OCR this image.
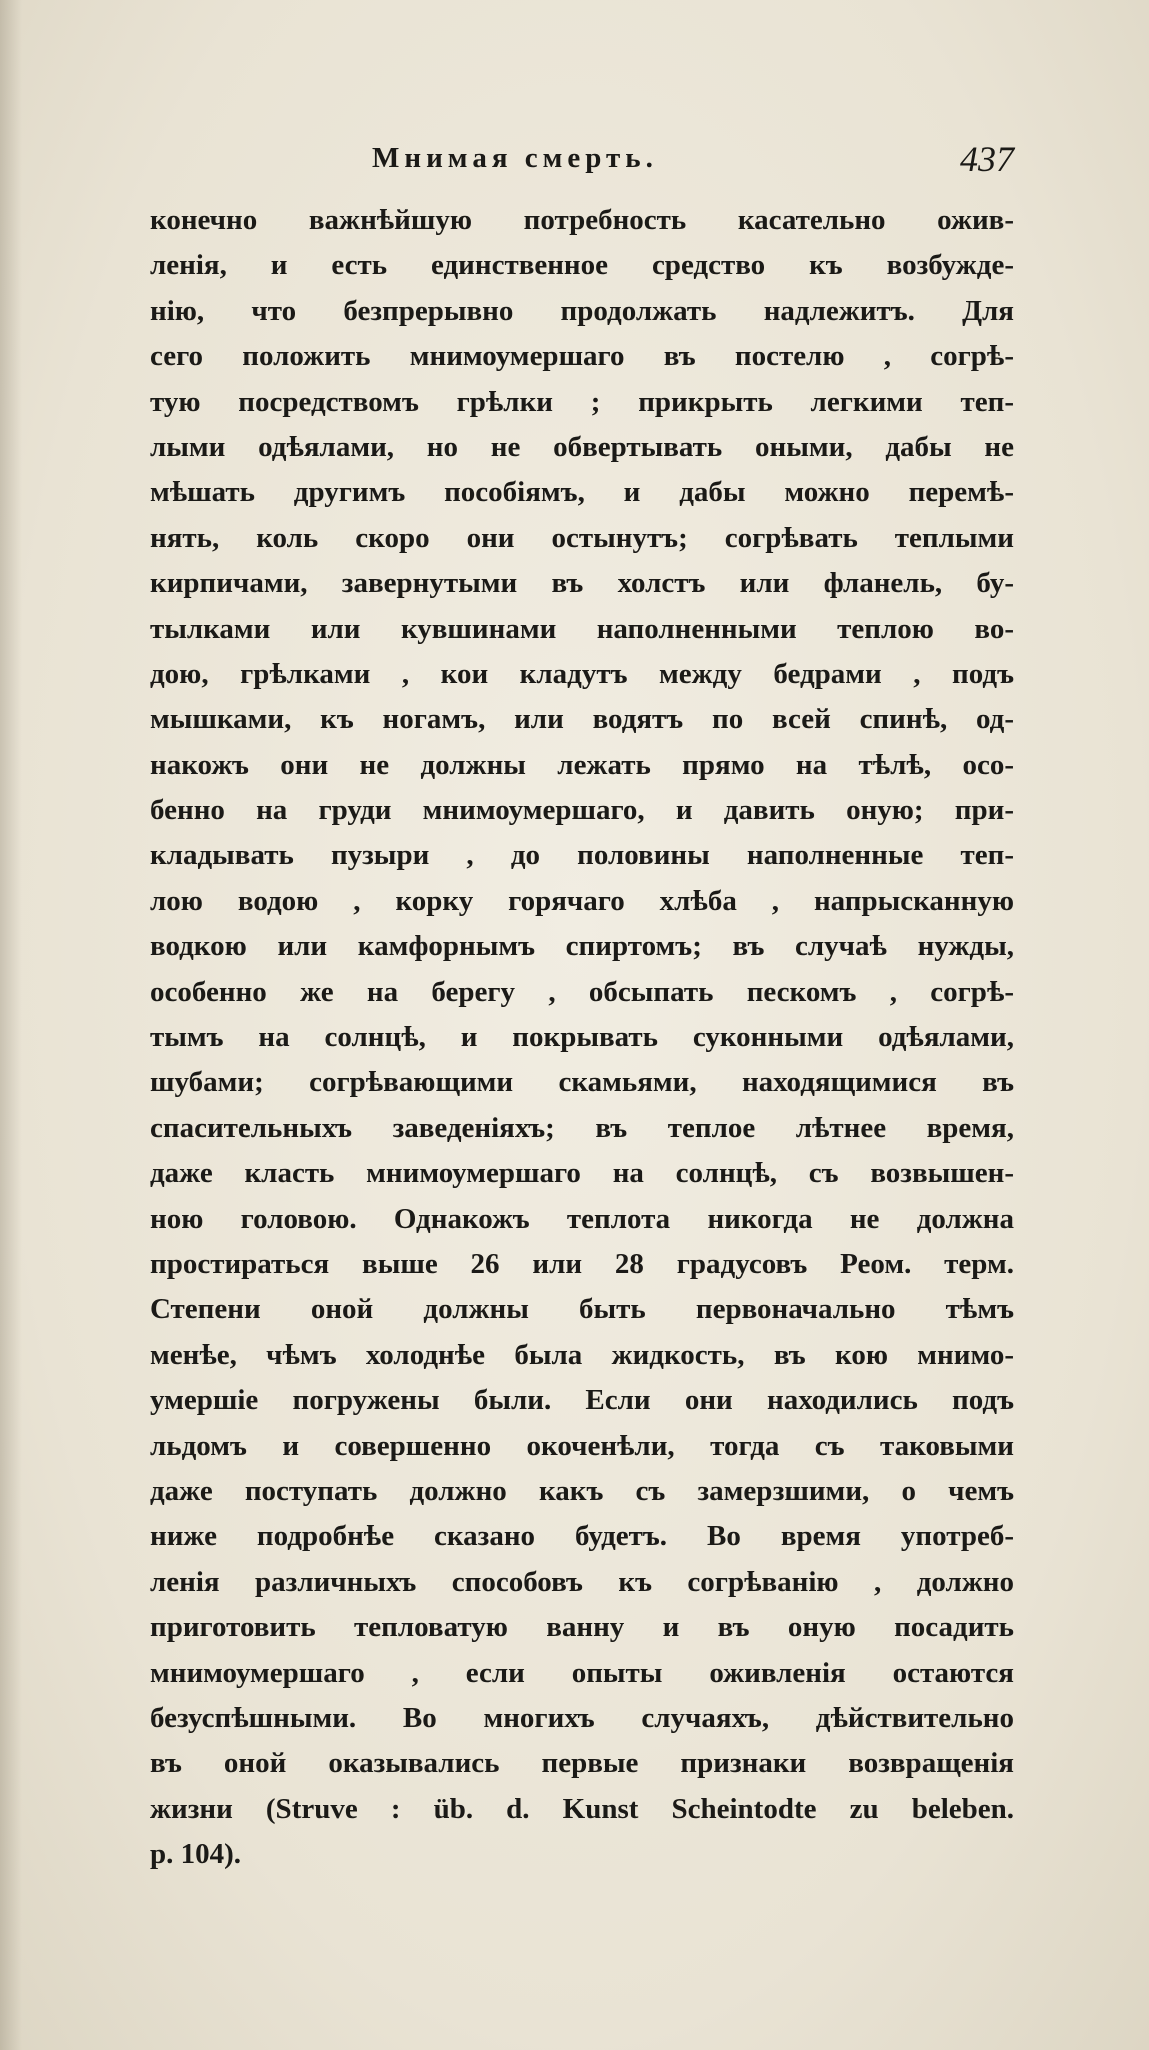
Мнимая смерть.	437
конечно важнѣйшую потребность касательно ожив-
ленія, и есть единственное средство къ возбужде-
нію, что безпрерывно продолжать надлежитъ. Для
сего положить мнимоумершаго въ постелю , согрѣ-
тую посредствомъ грѣлки ; прикрыть легкими теп-
лыми одѣялами, но не обвертывать оными, дабы не
мѣшать другимъ пособіямъ, и дабы можно перемѣ-
нять, коль скоро они остынутъ; согрѣвать теплыми
кирпичами, завернутыми въ холстъ или фланель, бу-
тылками или кувшинами наполненными теплою во-
дою, грѣлками , кои кладутъ между бедрами , подъ
мышками, къ ногамъ, или водятъ по всей спинѣ, од-
накожъ они не должны лежать прямо на тѣлѣ, осо-
бенно на груди мнимоумершаго, и давить оную; при-
кладывать пузыри , до половины наполненные теп-
лою водою , корку горячаго хлѣба , напрысканную
водкою или камфорнымъ спиртомъ; въ случаѣ нужды,
особенно же на берегу , обсыпать пескомъ , согрѣ-
тымъ на солнцѣ, и покрывать суконными одѣялами,
шубами; согрѣвающими скамьями, находящимися въ
спасительныхъ заведеніяхъ; въ теплое лѣтнее время,
даже класть мнимоумершаго на солнцѣ, съ возвышен-
ною головою. Однакожъ теплота никогда не должна
простираться выше 26 или 28 градусовъ Реом. терм.
Степени оной должны быть первоначально тѣмъ
менѣе, чѣмъ холоднѣе была жидкость, въ кою мнимо-
умершіе погружены были. Если они находились подъ
льдомъ и совершенно окоченѣли, тогда съ таковыми
даже поступать должно какъ съ замерзшими, о чемъ
ниже подробнѣе сказано будетъ. Во время употреб-
ленія различныхъ способовъ къ согрѣванію , должно
приготовить тепловатую ванну и въ оную посадить
мнимоумершаго , если опыты оживленія остаются
безуспѣшными. Во многихъ случаяхъ, дѣйствительно
въ оной оказывались первые признаки возвращенія
жизни (Struve : üb. d. Kunst Scheintodte zu beleben.
p. 104).
